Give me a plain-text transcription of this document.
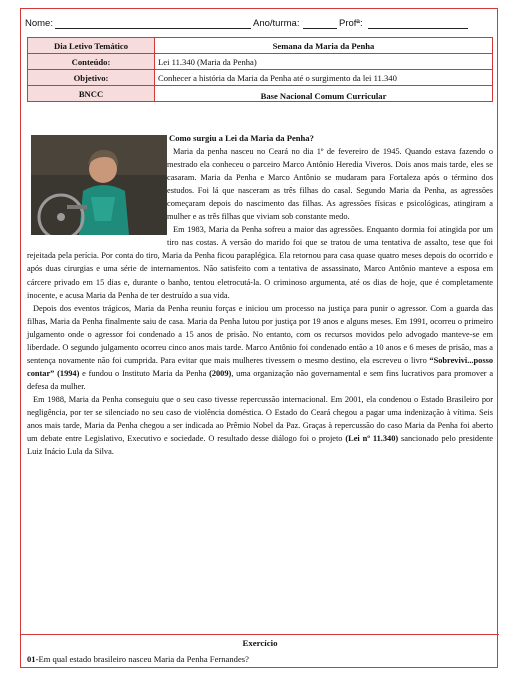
Nome:	Ano/turma:	Profª:
Dia Letivo Temático	Semana da Maria da Penha
Conteúdo:	Lei 11.340 (Maria da Penha)
Objetivo:	Conhecer a história da Maria da Penha até o surgimento da lei 11.340
BNCC	Base Nacional Comum Curricular
Como surgiu a Lei da Maria da Penha?

Maria da penha nasceu no Ceará no dia 1º de fevereiro de 1945. Quando estava fazendo o mestrado ela conheceu o parceiro Marco Antônio Heredia Viveros. Dois anos mais tarde, eles se casaram. Maria da Penha e Marco Antônio se mudaram para Fortaleza após o término dos estudos. Foi lá que nasceram as três filhas do casal. Segundo Maria da Penha, as agressões começaram depois do nascimento das filhas. As agressões físicas e psicológicas, atingiram a mulher e as três filhas que viviam sob constante medo.

Em 1983, Maria da Penha sofreu a maior das agressões. Enquanto dormia foi atingida por um tiro nas costas. A versão do marido foi que se tratou de uma tentativa de assalto, tese que foi rejeitada pela perícia. Por conta do tiro, Maria da Penha ficou paraplégica. Ela retornou para casa quase quatro meses depois do ocorrido e após duas cirurgias e uma série de internamentos. Não satisfeito com a tentativa de assassinato, Marco Antônio manteve a esposa em cárcere privado em 15 dias e, durante o banho, tentou eletrocutá-la. O criminoso argumenta, até os dias de hoje, que é completamente inocente, e acusa Maria da Penha de ter destruído a sua vida.

Depois dos eventos trágicos, Maria da Penha reuniu forças e iniciou um processo na justiça para punir o agressor. Com a guarda das filhas, Maria da Penha finalmente saiu de casa. Maria da Penha lutou por justiça por 19 anos e alguns meses. Em 1991, ocorreu o primeiro julgamento onde o agressor foi condenado a 15 anos de prisão. No entanto, com os recursos movidos pelo advogado manteve-se em liberdade. O segundo julgamento ocorreu cinco anos mais tarde. Marco Antônio foi condenado então a 10 anos e 6 meses de prisão, mas a sentença novamente não foi cumprida. Para evitar que mais mulheres tivessem o mesmo destino, ela escreveu o livro “Sobrevivi...posso contar” (1994) e fundou o Instituto Maria da Penha (2009), uma organização não governamental e sem fins lucrativos para promover a defesa da mulher.

Em 1988, Maria da Penha conseguiu que o seu caso tivesse repercussão internacional. Em 2001, ela condenou o Estado Brasileiro por negligência, por ter se silenciado no seu caso de violência doméstica. O Estado do Ceará chegou a pagar uma indenização à vítima. Seis anos mais tarde, Maria da Penha chegou a ser indicada ao Prêmio Nobel da Paz. Graças à repercussão do caso Maria da Penha foi aberto um debate entre Legislativo, Executivo e sociedade. O resultado desse diálogo foi o projeto (Lei nº 11.340) sancionado pelo presidente Luiz Inácio Lula da Silva.

Exercício
01-Em qual estado brasileiro nasceu Maria da Penha Fernandes?
